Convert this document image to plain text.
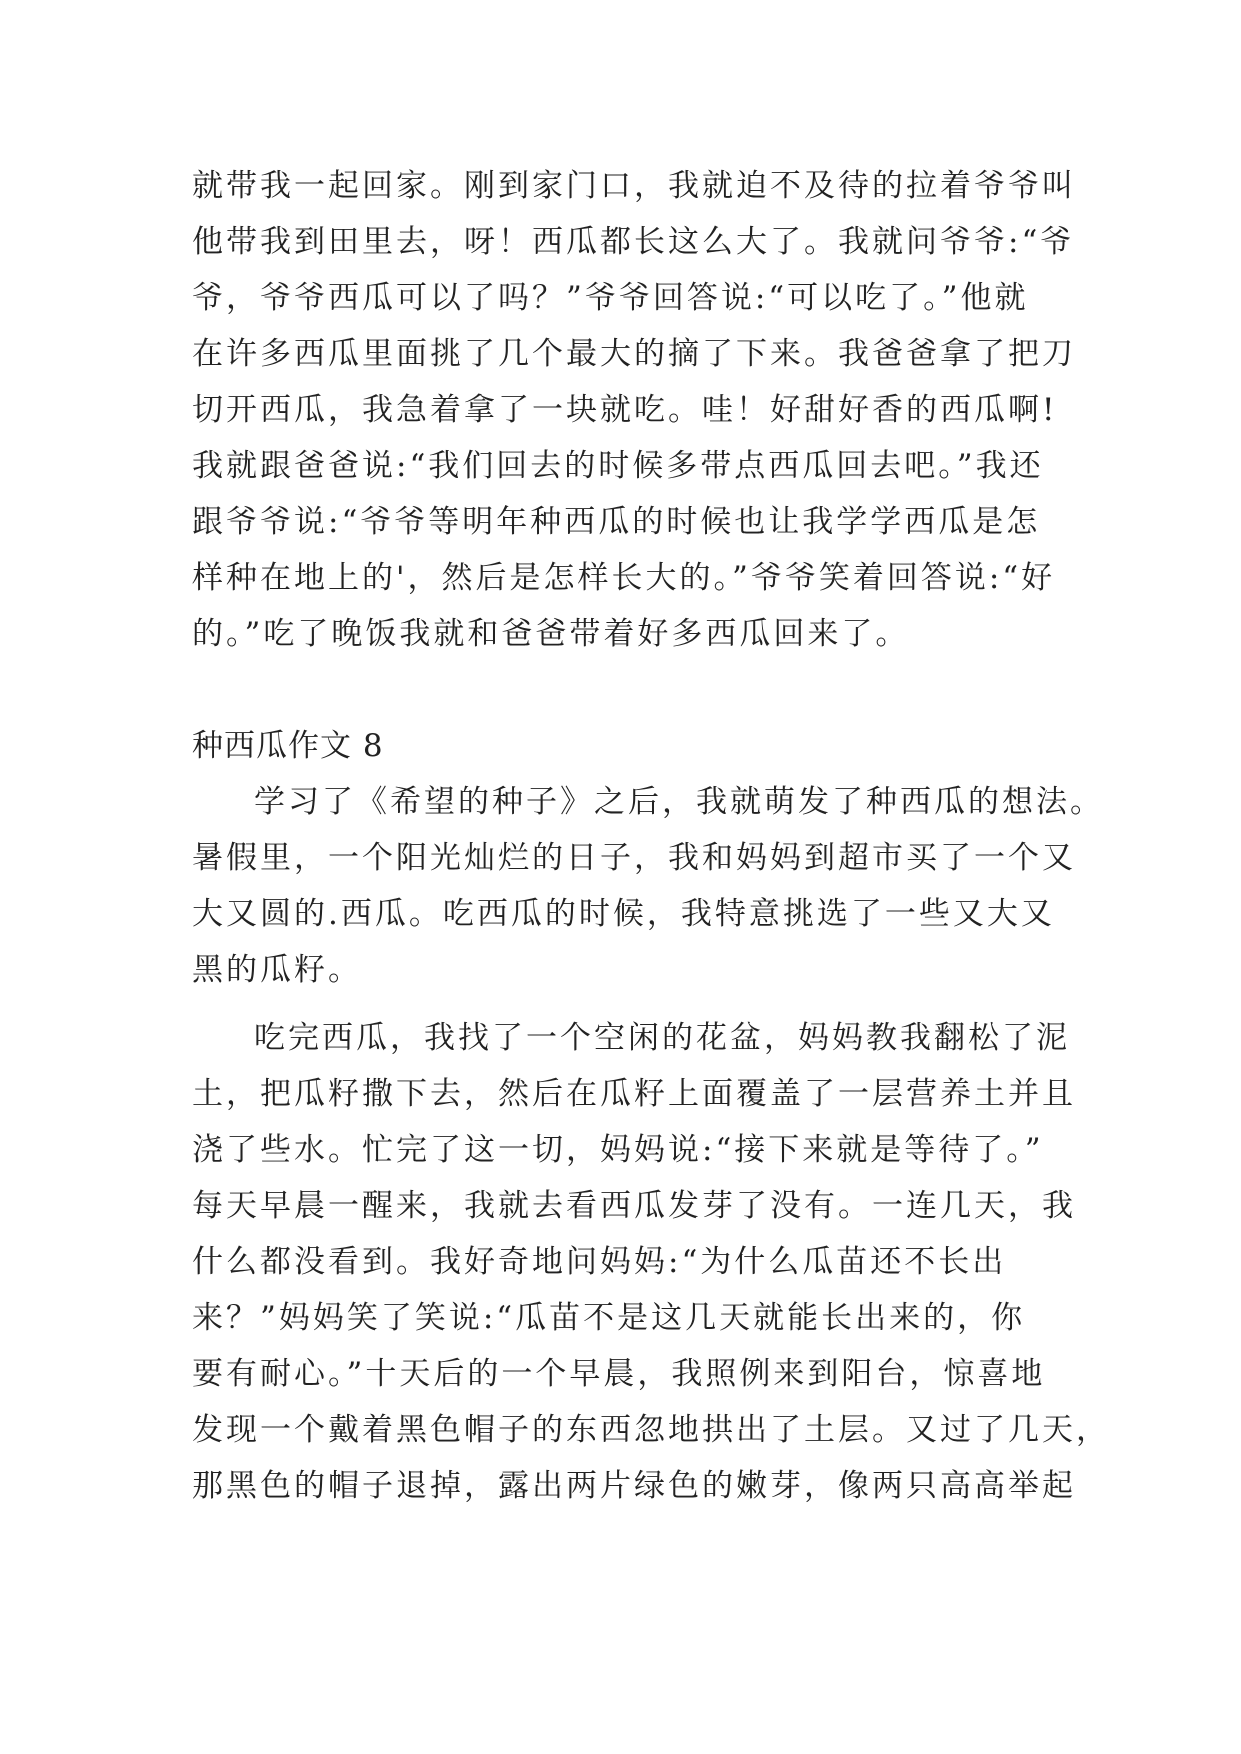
就带我一起回家。刚到家门口，我就迫不及待的拉着爷爷叫
他带我到田里去，呀！西瓜都长这么大了。我就问爷爷:“爷
爷，爷爷西瓜可以了吗？”爷爷回答说:“可以吃了。”他就
在许多西瓜里面挑了几个最大的摘了下来。我爸爸拿了把刀
切开西瓜，我急着拿了一块就吃。哇！好甜好香的西瓜啊!
我就跟爸爸说:“我们回去的时候多带点西瓜回去吧。”我还
跟爷爷说:“爷爷等明年种西瓜的时候也让我学学西瓜是怎
样种在地上的'，然后是怎样长大的。”爷爷笑着回答说:“好
的。”吃了晚饭我就和爸爸带着好多西瓜回来了。
种西瓜作文 8
学习了《希望的种子》之后，我就萌发了种西瓜的想法。
暑假里，一个阳光灿烂的日子，我和妈妈到超市买了一个又
大又圆的.西瓜。吃西瓜的时候，我特意挑选了一些又大又
黑的瓜籽。
吃完西瓜，我找了一个空闲的花盆，妈妈教我翻松了泥
土，把瓜籽撒下去，然后在瓜籽上面覆盖了一层营养土并且
浇了些水。忙完了这一切，妈妈说:“接下来就是等待了。”
每天早晨一醒来，我就去看西瓜发芽了没有。一连几天，我
什么都没看到。我好奇地问妈妈:“为什么瓜苗还不长出
来？”妈妈笑了笑说:“瓜苗不是这几天就能长出来的，你
要有耐心。”十天后的一个早晨，我照例来到阳台，惊喜地
发现一个戴着黑色帽子的东西忽地拱出了土层。又过了几天，
那黑色的帽子退掉，露出两片绿色的嫩芽，像两只高高举起
